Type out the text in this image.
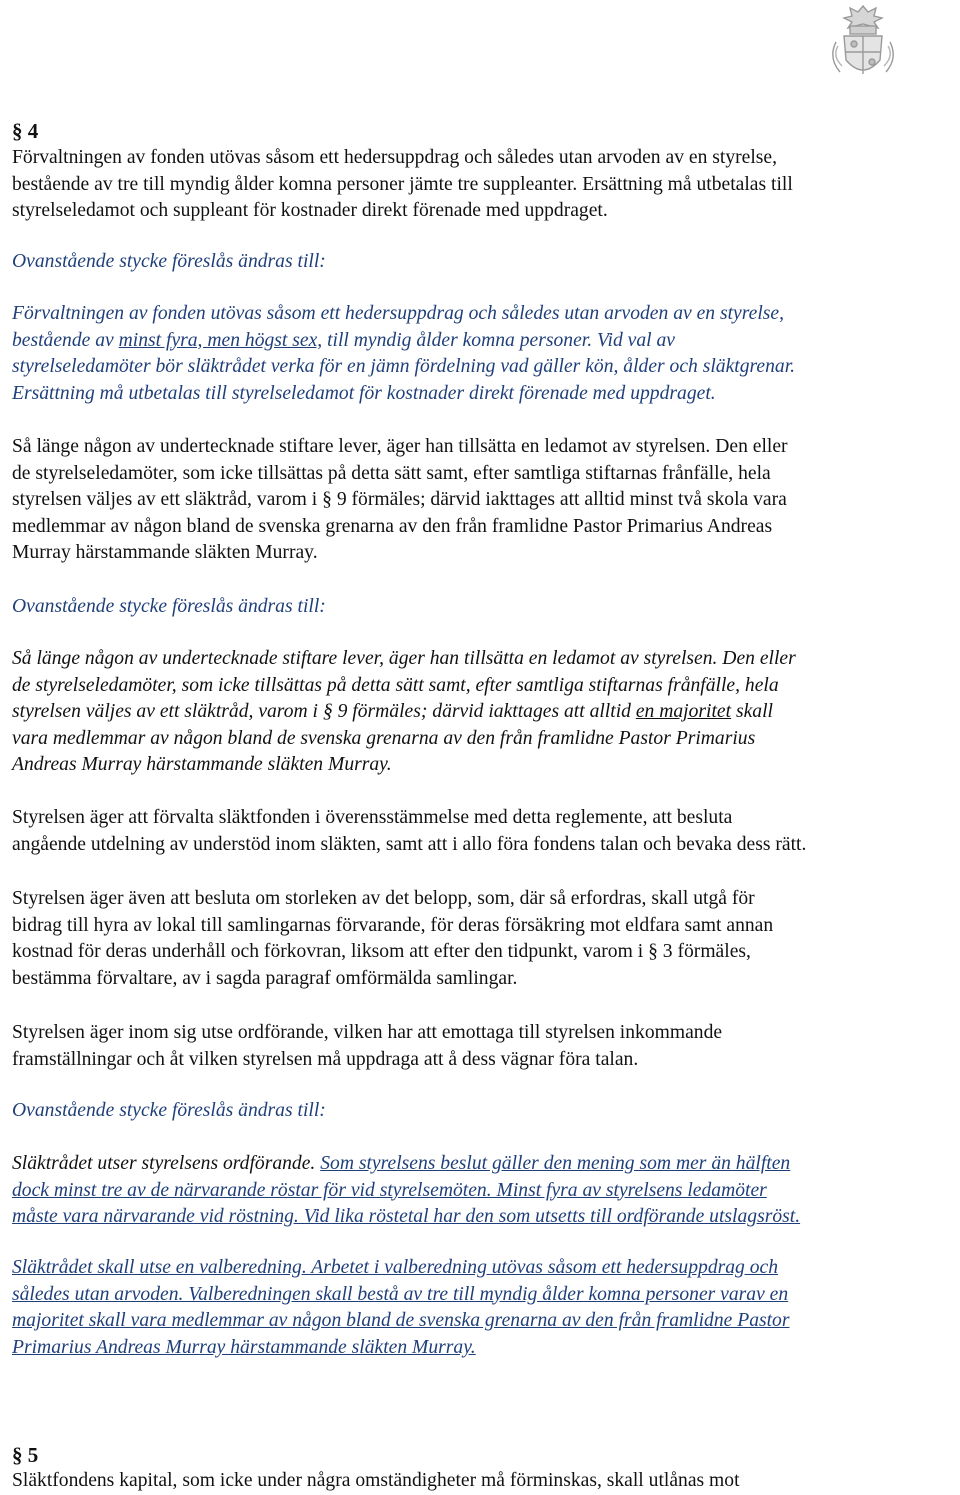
§ 4
Förvaltningen av fonden utövas såsom ett hedersuppdrag och således utan arvoden av en styrelse,
bestående av tre till myndig ålder komna personer jämte tre suppleanter. Ersättning må utbetalas till
styrelseledamot och suppleant för kostnader direkt förenade med uppdraget.
Ovanstående stycke föreslås ändras till:
Förvaltningen av fonden utövas såsom ett hedersuppdrag och således utan arvoden av en styrelse,
bestående av minst fyra, men högst sex, till myndig ålder komna personer. Vid val av
styrelseledamöter bör släktrådet verka för en jämn fördelning vad gäller kön, ålder och släktgrenar.
Ersättning må utbetalas till styrelseledamot för kostnader direkt förenade med uppdraget.
Så länge någon av undertecknade stiftare lever, äger han tillsätta en ledamot av styrelsen. Den eller
de styrelseledamöter, som icke tillsättas på detta sätt samt, efter samtliga stiftarnas frånfälle, hela
styrelsen väljes av ett släktråd, varom i § 9 förmäles; därvid iakttages att alltid minst två skola vara
medlemmar av någon bland de svenska grenarna av den från framlidne Pastor Primarius Andreas
Murray härstammande släkten Murray.
Ovanstående stycke föreslås ändras till:
Så länge någon av undertecknade stiftare lever, äger han tillsätta en ledamot av styrelsen. Den eller
de styrelseledamöter, som icke tillsättas på detta sätt samt, efter samtliga stiftarnas frånfälle, hela
styrelsen väljes av ett släktråd, varom i § 9 förmäles; därvid iakttages att alltid en majoritet skall
vara medlemmar av någon bland de svenska grenarna av den från framlidne Pastor Primarius
Andreas Murray härstammande släkten Murray.
Styrelsen äger att förvalta släktfonden i överensstämmelse med detta reglemente, att besluta
angående utdelning av understöd inom släkten, samt att i allo föra fondens talan och bevaka dess rätt.
Styrelsen äger även att besluta om storleken av det belopp, som, där så erfordras, skall utgå för
bidrag till hyra av lokal till samlingarnas förvarande, för deras försäkring mot eldfara samt annan
kostnad för deras underhåll och förkovran, liksom att efter den tidpunkt, varom i § 3 förmäles,
bestämma förvaltare, av i sagda paragraf omförmälda samlingar.
Styrelsen äger inom sig utse ordförande, vilken har att emottaga till styrelsen inkommande
framställningar och åt vilken styrelsen må uppdraga att å dess vägnar föra talan.
Ovanstående stycke föreslås ändras till:
Släktrådet utser styrelsens ordförande. Som styrelsens beslut gäller den mening som mer än hälften
dock minst tre av de närvarande röstar för vid styrelsemöten. Minst fyra av styrelsens ledamöter
måste vara närvarande vid röstning. Vid lika röstetal har den som utsetts till ordförande utslagsröst.
Släktrådet skall utse en valberedning. Arbetet i valberedning utövas såsom ett hedersuppdrag och
således utan arvoden. Valberedningen skall bestå av tre till myndig ålder komna personer varav en
majoritet skall vara medlemmar av någon bland de svenska grenarna av den från framlidne Pastor
Primarius Andreas Murray härstammande släkten Murray.
§ 5
Släktfondens kapital, som icke under några omständigheter må förminskas, skall utlånas mot
